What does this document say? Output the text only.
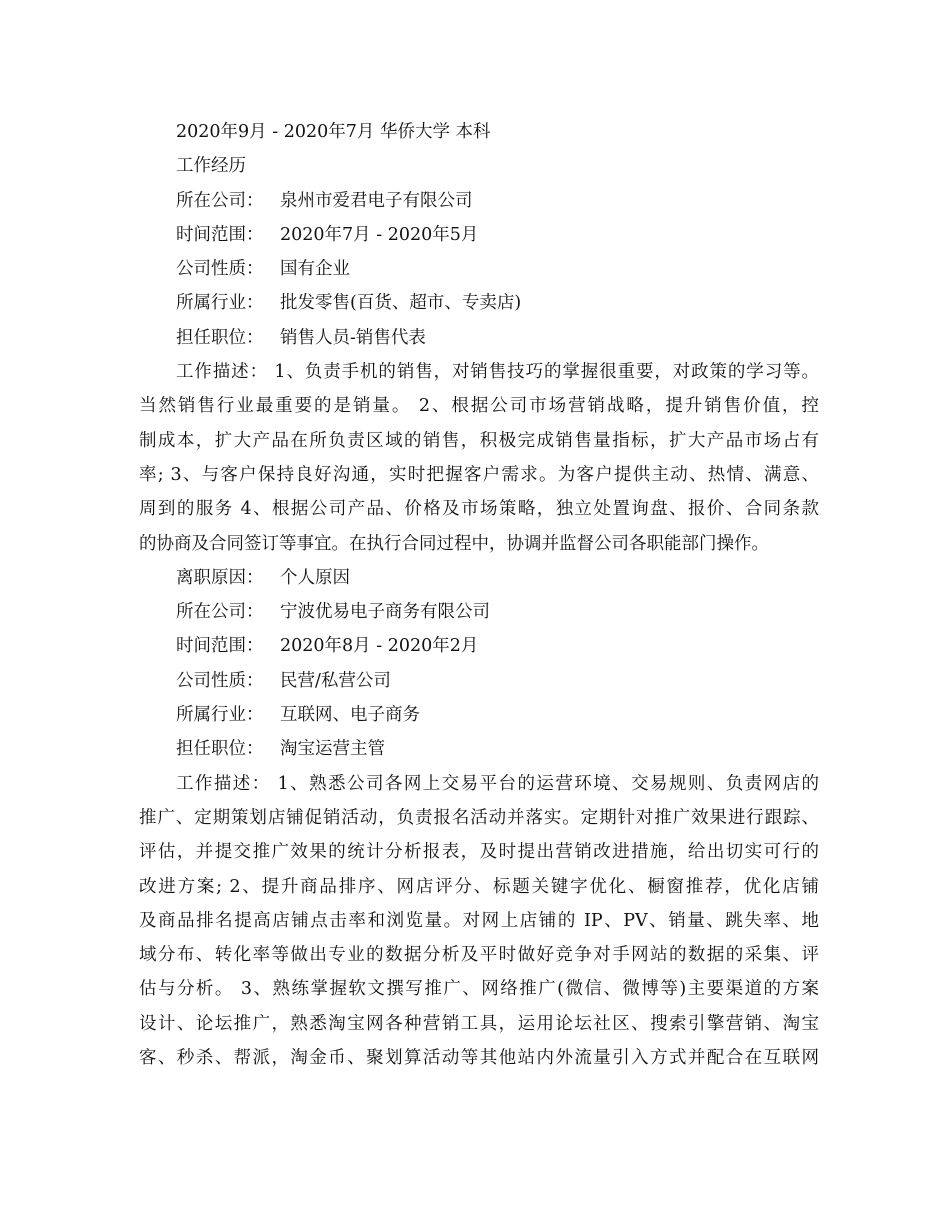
2020年9月 - 2020年7月 华侨大学 本科
工作经历
所在公司： 泉州市爱君电子有限公司
时间范围： 2020年7月 - 2020年5月
公司性质： 国有企业
所属行业： 批发零售(百货、超市、专卖店)
担任职位： 销售人员-销售代表
工作描述： 1、负责手机的销售，对销售技巧的掌握很重要，对政策的学习等。
当然销售行业最重要的是销量。 2、根据公司市场营销战略，提升销售价值，控
制成本，扩大产品在所负责区域的销售，积极完成销售量指标，扩大产品市场占有
率; 3、与客户保持良好沟通，实时把握客户需求。为客户提供主动、热情、满意、
周到的服务 4、根据公司产品、价格及市场策略，独立处置询盘、报价、合同条款
的协商及合同签订等事宜。在执行合同过程中，协调并监督公司各职能部门操作。
离职原因： 个人原因
所在公司： 宁波优易电子商务有限公司
时间范围： 2020年8月 - 2020年2月
公司性质： 民营/私营公司
所属行业： 互联网、电子商务
担任职位： 淘宝运营主管
工作描述： 1、熟悉公司各网上交易平台的运营环境、交易规则、负责网店的
推广、定期策划店铺促销活动，负责报名活动并落实。定期针对推广效果进行跟踪、
评估，并提交推广效果的统计分析报表，及时提出营销改进措施，给出切实可行的
改进方案; 2、提升商品排序、网店评分、标题关键字优化、橱窗推荐，优化店铺
及商品排名提高店铺点击率和浏览量。对网上店铺的 IP、PV、销量、跳失率、地
域分布、转化率等做出专业的数据分析及平时做好竞争对手网站的数据的采集、评
估与分析。 3、熟练掌握软文撰写推广、网络推广(微信、微博等)主要渠道的方案
设计、论坛推广，熟悉淘宝网各种营销工具，运用论坛社区、搜索引擎营销、淘宝
客、秒杀、帮派，淘金币、聚划算活动等其他站内外流量引入方式并配合在互联网
